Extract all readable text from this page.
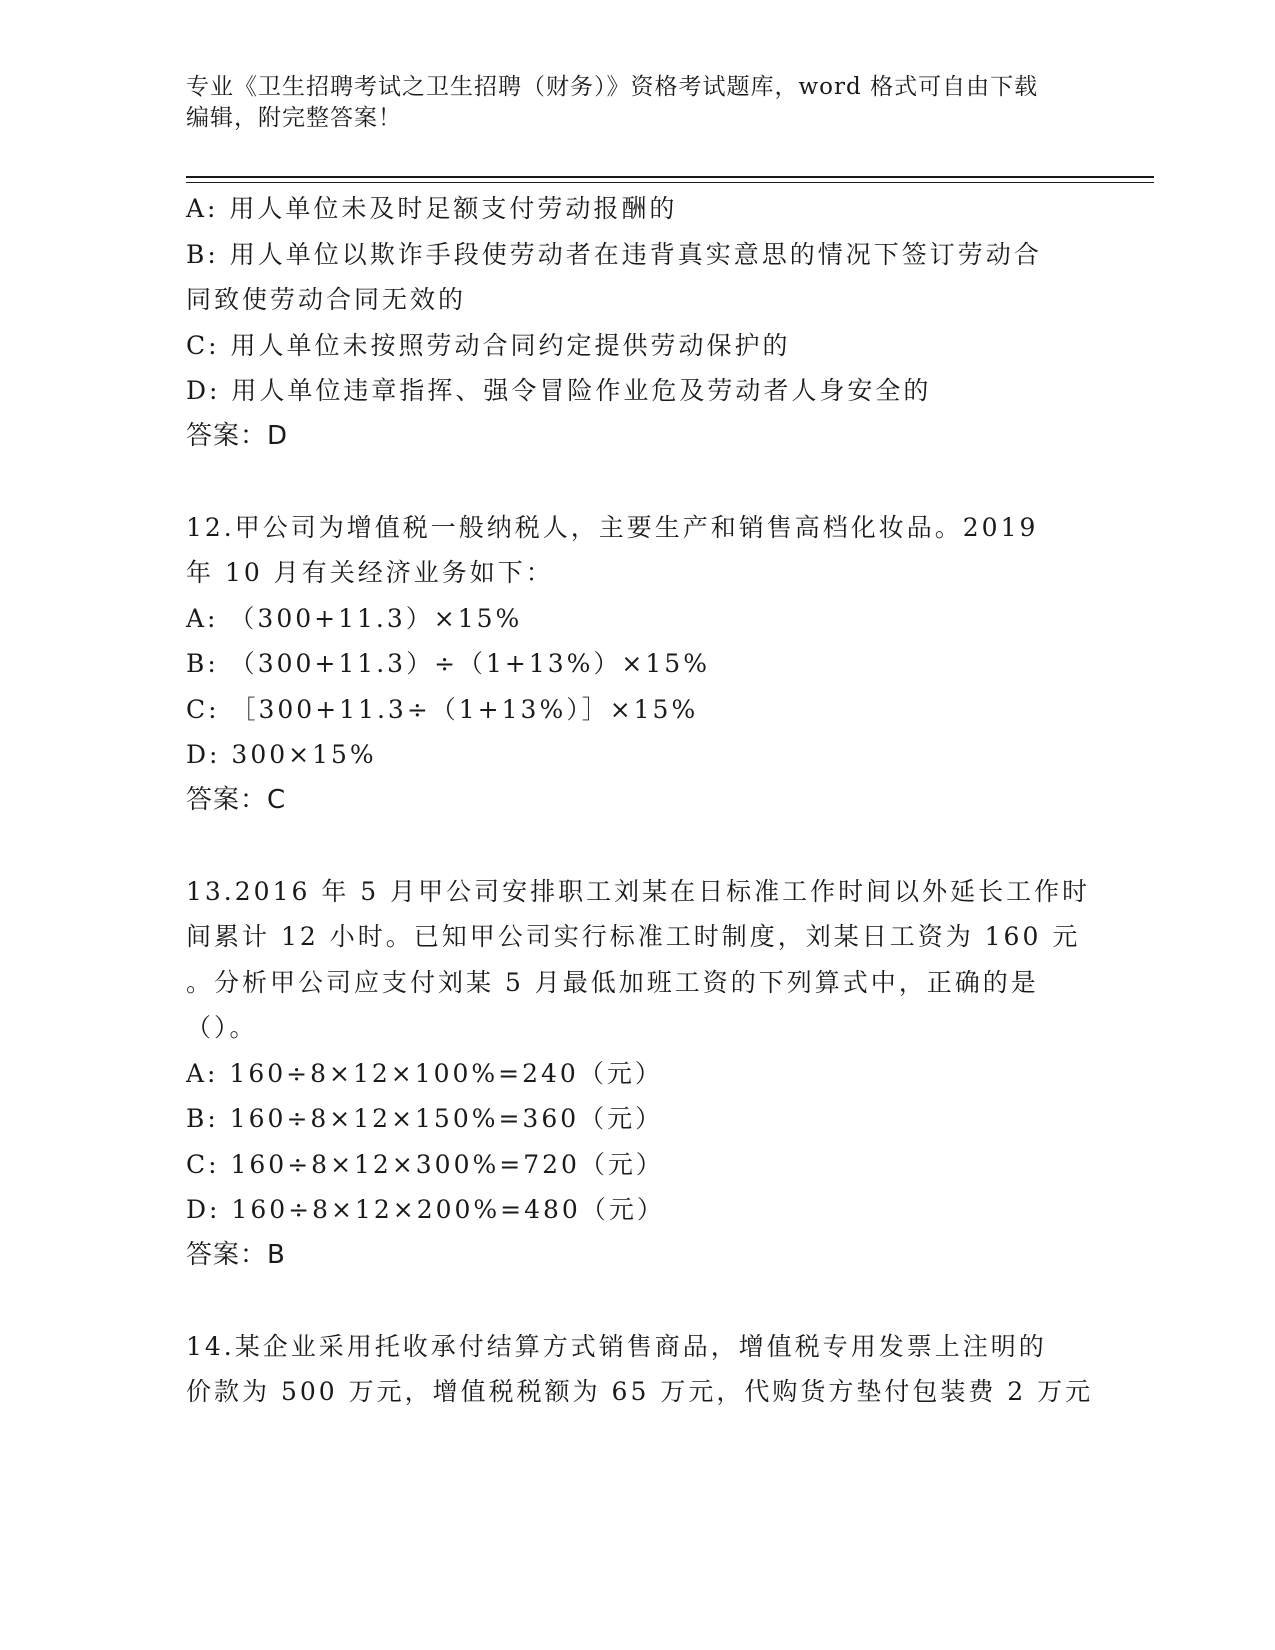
专业《卫生招聘考试之卫生招聘（财务）》资格考试题库，word 格式可自由下载
编辑，附完整答案！
A: 用人单位未及时足额支付劳动报酬的
B: 用人单位以欺诈手段使劳动者在违背真实意思的情况下签订劳动合
同致使劳动合同无效的
C: 用人单位未按照劳动合同约定提供劳动保护的
D: 用人单位违章指挥、强令冒险作业危及劳动者人身安全的
答案：D
12.甲公司为增值税一般纳税人，主要生产和销售高档化妆品。2019
年 10 月有关经济业务如下：
A: （300+11.3）×15%
B: （300+11.3）÷（1+13%）×15%
C: ［300+11.3÷（1+13%）］×15%
D: 300×15%
答案：C
13.2016 年 5 月甲公司安排职工刘某在日标准工作时间以外延长工作时
间累计 12 小时。已知甲公司实行标准工时制度，刘某日工资为 160 元
。分析甲公司应支付刘某 5 月最低加班工资的下列算式中，正确的是
（）。
A: 160÷8×12×100%=240（元）
B: 160÷8×12×150%=360（元）
C: 160÷8×12×300%=720（元）
D: 160÷8×12×200%=480（元）
答案：B
14.某企业采用托收承付结算方式销售商品，增值税专用发票上注明的
价款为 500 万元，增值税税额为 65 万元，代购货方垫付包装费 2 万元
